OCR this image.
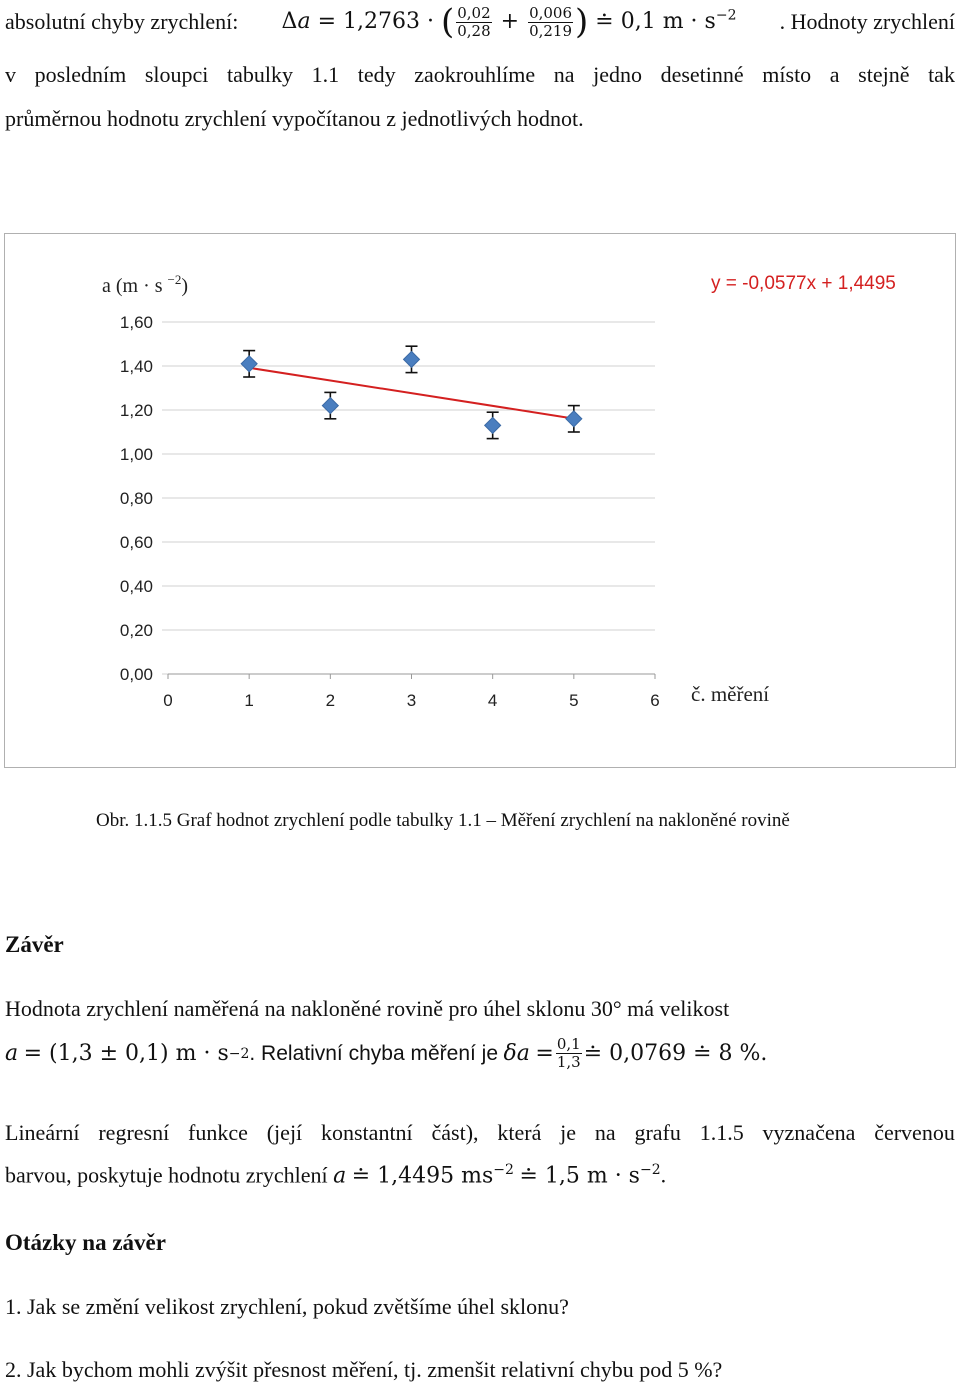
absolutní chyby zrychlení: Δa = 1,2763 · ( $\frac{0,02}{0,28} + \frac{0,006}{0,219}$ ) ≐ 0,1 $m \cdot s^{-2}$ . Hodnoty zrychlení
v posledním sloupci tabulky 1.1 tedy zaokrouhlíme na jedno desetinné místo a stejně tak
průměrnou hodnotu zrychlení vypočítanou z jednotlivých hodnot.
0,00
0,20
0,40
0,60
0,80
1,00
1,20
1,40
1,60
0	1	2	3	4	5	6
a (m · s $^{-2}$)
č. měření
y = -0,0577x + 1,4495
Obr. 1.1.5 Graf hodnot zrychlení podle tabulky 1.1 – Měření zrychlení na nakloněné rovině
Závěr
Hodnota zrychlení naměřená na nakloněné rovině pro úhel sklonu 30° má velikost
a
= (1,3 ± 0,1) m · s −2 . Relativní chyba měření je
δa
= $\frac{0,1}{1,3}$ ≐ 0,0769 ≐ 8 %.
Lineární regresní funkce (její konstantní část), která je na grafu 1.1.5 vyznačena červenou
barvou, poskytuje hodnotu zrychlení a ≐ 1,4495 $ms^{-2}$ ≐ 1,5 $m \cdot s^{-2}$.
Otázky na závěr
1. Jak se změní velikost zrychlení, pokud zvětšíme úhel sklonu?
2. Jak bychom mohli zvýšit přesnost měření, tj. zmenšit relativní chybu pod 5 %?
